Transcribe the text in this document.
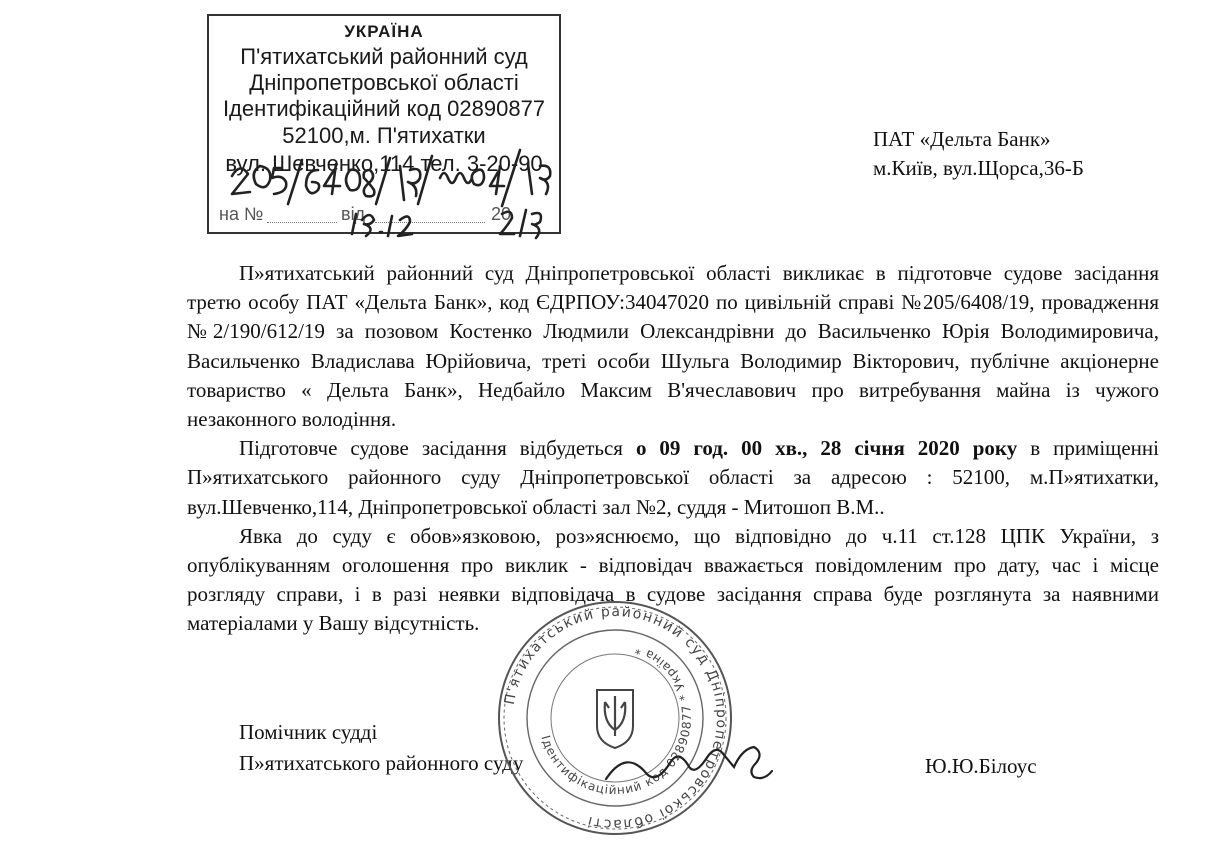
УКРАЇНА
П'ятихатський районний суд
Дніпропетровської області
Ідентифікаційний код 02890877
52100,м. П'ятихатки
вул. Шевченко,114 тел. 3-20-90
на №	від	20
ПАТ «Дельта Банк»
м.Київ, вул.Щорса,36-Б

П»ятихатський районний суд Дніпропетровської області викликає в підготовче судове засідання третю особу ПАТ «Дельта Банк», код ЄДРПОУ:34047020 по цивільній справі №205/6408/19, провадження №2/190/612/19 за позовом Костенко Людмили Олександрівни до Васильченко Юрія Володимировича, Васильченко Владислава Юрійовича, треті особи Шульга Володимир Вікторович, публічне акціонерне товариство « Дельта Банк», Недбайло Максим В'ячеславович про витребування майна із чужого незаконного володіння.

Підготовче судове засідання відбудеться о 09 год. 00 хв., 28 січня 2020 року в приміщенні П»ятихатського районного суду Дніпропетровської області за адресою : 52100, м.П»ятихатки, вул.Шевченко,114, Дніпропетровської області зал №2, суддя - Митошоп В.М..

Явка до суду є обов»язковою, роз»яснюємо, що відповідно до ч.11 ст.128 ЦПК України, з опублікуванням оголошення про виклик - відповідач вважається повідомленим про дату, час і місце розгляду справи, і в разі неявки відповідача в судове засідання справа буде розглянута за наявними матеріалами у Вашу відсутність.

Помічник судді
П»ятихатського районного суду	Ю.Ю.Білоус
П'ятихатський районний суд Дніпропетровської області
Ідентифікаційний код 02890877 * Україна *
